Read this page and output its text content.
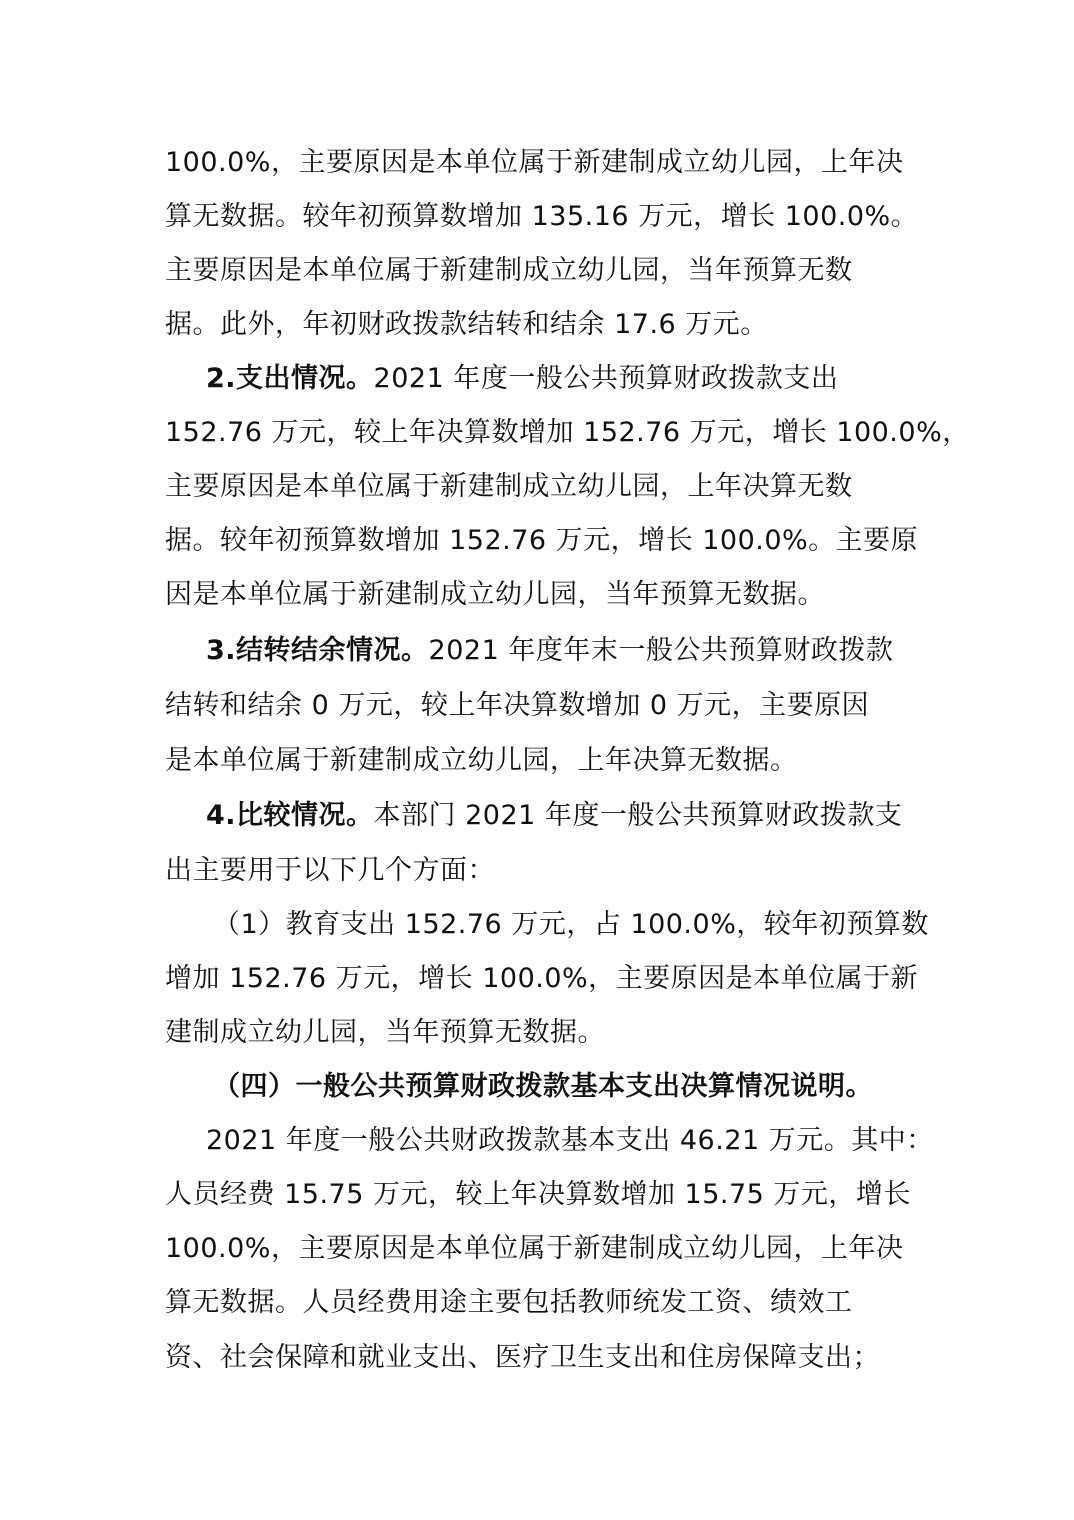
100.0%，主要原因是本单位属于新建制成立幼儿园，上年决
算无数据。较年初预算数增加 135.16 万元，增长 100.0%。
主要原因是本单位属于新建制成立幼儿园，当年预算无数
据。此外，年初财政拨款结转和结余 17.6 万元。
2.支出情况。2021 年度一般公共预算财政拨款支出
152.76 万元，较上年决算数增加 152.76 万元，增长 100.0%，
主要原因是本单位属于新建制成立幼儿园，上年决算无数
据。较年初预算数增加 152.76 万元，增长 100.0%。主要原
因是本单位属于新建制成立幼儿园，当年预算无数据。
3.结转结余情况。2021 年度年末一般公共预算财政拨款
结转和结余 0 万元，较上年决算数增加 0 万元，主要原因
是本单位属于新建制成立幼儿园，上年决算无数据。
4.比较情况。本部门 2021 年度一般公共预算财政拨款支
出主要用于以下几个方面：
（1）教育支出 152.76 万元，占 100.0%，较年初预算数
增加 152.76 万元，增长 100.0%，主要原因是本单位属于新
建制成立幼儿园，当年预算无数据。
（四）一般公共预算财政拨款基本支出决算情况说明。
2021 年度一般公共财政拨款基本支出 46.21 万元。其中：
人员经费 15.75 万元，较上年决算数增加 15.75 万元，增长
100.0%，主要原因是本单位属于新建制成立幼儿园，上年决
算无数据。人员经费用途主要包括教师统发工资、绩效工
资、社会保障和就业支出、医疗卫生支出和住房保障支出；
